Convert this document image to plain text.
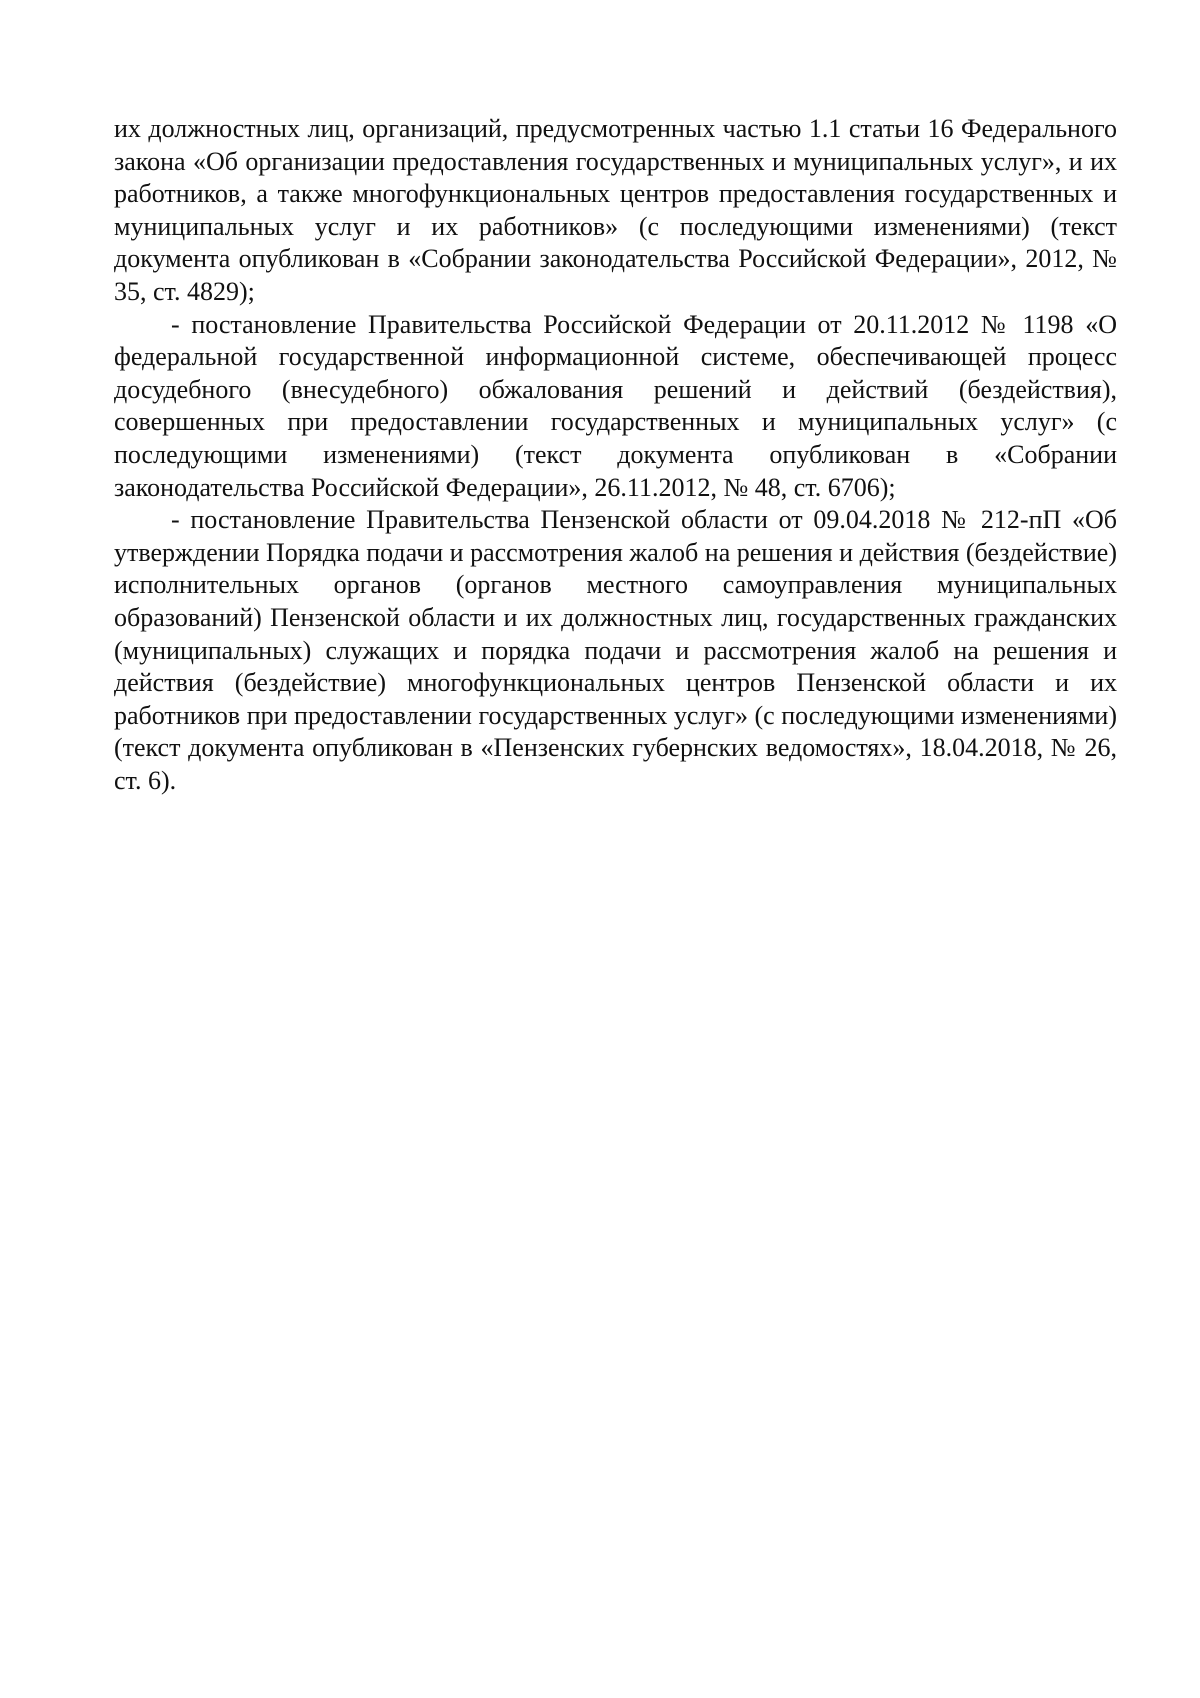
их должностных лиц, организаций, предусмотренных частью 1.1 статьи 16 Федерального закона «Об организации предоставления государственных и муниципальных услуг», и их работников, а также многофункциональных центров предоставления государственных и муниципальных услуг и их работников» (с последующими изменениями) (текст документа опубликован в «Собрании законодательства Российской Федерации», 2012, № 35, ст. 4829);

- постановление Правительства Российской Федерации от 20.11.2012 № 1198 «О федеральной государственной информационной системе, обеспечивающей процесс досудебного (внесудебного) обжалования решений и действий (бездействия), совершенных при предоставлении государственных и муниципальных услуг» (с последующими изменениями) (текст документа опубликован в «Собрании законодательства Российской Федерации», 26.11.2012, № 48, ст. 6706);

- постановление Правительства Пензенской области от 09.04.2018 № 212-пП «Об утверждении Порядка подачи и рассмотрения жалоб на решения и действия (бездействие) исполнительных органов (органов местного самоуправления муниципальных образований) Пензенской области и их должностных лиц, государственных гражданских (муниципальных) служащих и порядка подачи и рассмотрения жалоб на решения и действия (бездействие) многофункциональных центров Пензенской области и их работников при предоставлении государственных услуг» (с последующими изменениями) (текст документа опубликован в «Пензенских губернских ведомостях», 18.04.2018, № 26, ст. 6).
